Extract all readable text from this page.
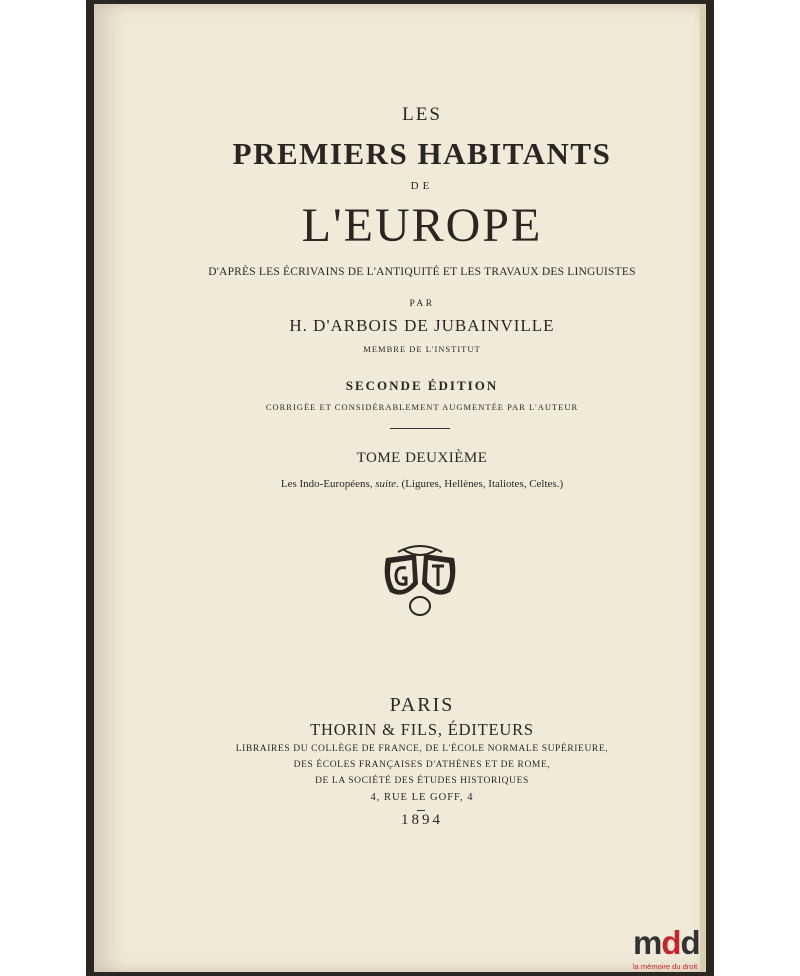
LES
PREMIERS HABITANTS
DE
L'EUROPE
D'APRÈS LES ÉCRIVAINS DE L'ANTIQUITÉ ET LES TRAVAUX DES LINGUISTES
PAR
H. D'ARBOIS DE JUBAINVILLE
MEMBRE DE L'INSTITUT
SECONDE ÉDITION
CORRIGÉE ET CONSIDÉRABLEMENT AUGMENTÉE PAR L'AUTEUR
TOME DEUXIÈME
Les Indo-Européens, suite. (Ligures, Hellènes, Italiotes, Celtes.)
PARIS
THORIN & FILS, ÉDITEURS
LIBRAIRES DU COLLÈGE DE FRANCE, DE L'ÉCOLE NORMALE SUPÉRIEURE,
DES ÉCOLES FRANÇAISES D'ATHÈNES ET DE ROME,
DE LA SOCIÉTÉ DES ÉTUDES HISTORIQUES
4, RUE LE GOFF, 4
1894
mdd
la mémoire du droit
